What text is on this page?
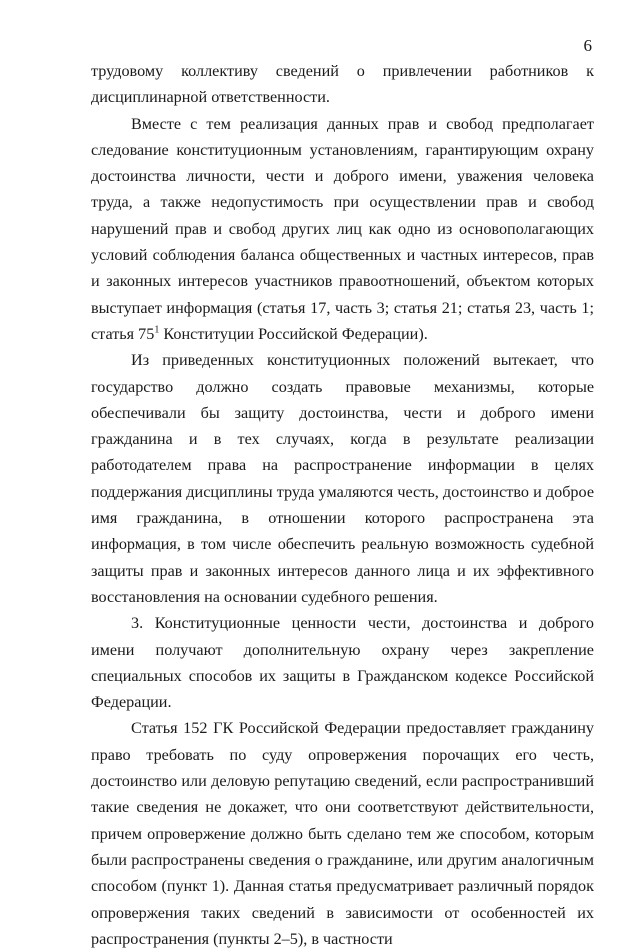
6

трудовому коллективу сведений о привлечении работников к дисциплинарной ответственности.

Вместе с тем реализация данных прав и свобод предполагает следование конституционным установлениям, гарантирующим охрану достоинства личности, чести и доброго имени, уважения человека труда, а также недопустимость при осуществлении прав и свобод нарушений прав и свобод других лиц как одно из основополагающих условий соблюдения баланса общественных и частных интересов, прав и законных интересов участников правоотношений, объектом которых выступает информация (статья 17, часть 3; статья 21; статья 23, часть 1; статья $75^1$ Конституции Российской Федерации).

Из приведенных конституционных положений вытекает, что государство должно создать правовые механизмы, которые обеспечивали бы защиту достоинства, чести и доброго имени гражданина и в тех случаях, когда в результате реализации работодателем права на распространение информации в целях поддержания дисциплины труда умаляются честь, достоинство и доброе имя гражданина, в отношении которого распространена эта информация, в том числе обеспечить реальную возможность судебной защиты прав и законных интересов данного лица и их эффективного восстановления на основании судебного решения.

3. Конституционные ценности чести, достоинства и доброго имени получают дополнительную охрану через закрепление специальных способов их защиты в Гражданском кодексе Российской Федерации.

Статья 152 ГК Российской Федерации предоставляет гражданину право требовать по суду опровержения порочащих его честь, достоинство или деловую репутацию сведений, если распространивший такие сведения не докажет, что они соответствуют действительности, причем опровержение должно быть сделано тем же способом, которым были распространены сведения о гражданине, или другим аналогичным способом (пункт 1). Данная статья предусматривает различный порядок опровержения таких сведений в зависимости от особенностей их распространения (пункты 2–5), в частности
